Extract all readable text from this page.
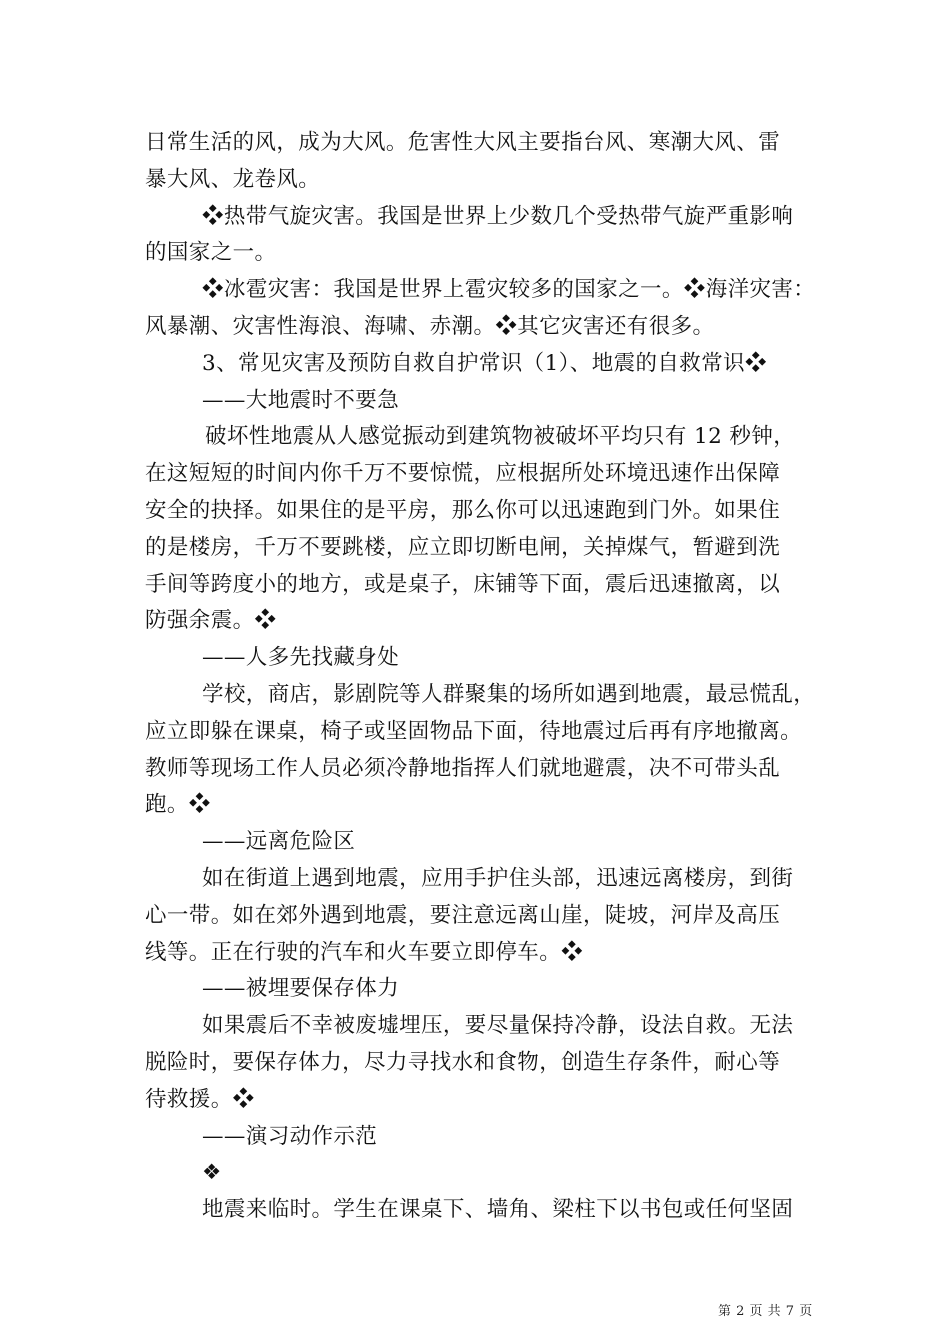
日常生活的风，成为大风。危害性大风主要指台风、寒潮大风、雷
暴大风、龙卷风。
❖热带气旋灾害。我国是世界上少数几个受热带气旋严重影响
的国家之一。
❖冰雹灾害：我国是世界上雹灾较多的国家之一。❖海洋灾害：
风暴潮、灾害性海浪、海啸、赤潮。❖其它灾害还有很多。
3、常见灾害及预防自救自护常识（1）、地震的自救常识❖
——大地震时不要急
破坏性地震从人感觉振动到建筑物被破坏平均只有 12 秒钟，
在这短短的时间内你千万不要惊慌，应根据所处环境迅速作出保障
安全的抉择。如果住的是平房，那么你可以迅速跑到门外。如果住
的是楼房，千万不要跳楼，应立即切断电闸，关掉煤气，暂避到洗
手间等跨度小的地方，或是桌子，床铺等下面，震后迅速撤离，以
防强余震。❖
——人多先找藏身处
学校，商店，影剧院等人群聚集的场所如遇到地震，最忌慌乱，
应立即躲在课桌，椅子或坚固物品下面，待地震过后再有序地撤离。
教师等现场工作人员必须冷静地指挥人们就地避震，决不可带头乱
跑。❖
——远离危险区
如在街道上遇到地震，应用手护住头部，迅速远离楼房，到街
心一带。如在郊外遇到地震，要注意远离山崖，陡坡，河岸及高压
线等。正在行驶的汽车和火车要立即停车。❖
——被埋要保存体力
如果震后不幸被废墟埋压，要尽量保持冷静，设法自救。无法
脱险时，要保存体力，尽力寻找水和食物，创造生存条件，耐心等
待救援。❖
——演习动作示范
❖
地震来临时。学生在课桌下、墙角、梁柱下以书包或任何坚固
第 2 页 共 7 页
